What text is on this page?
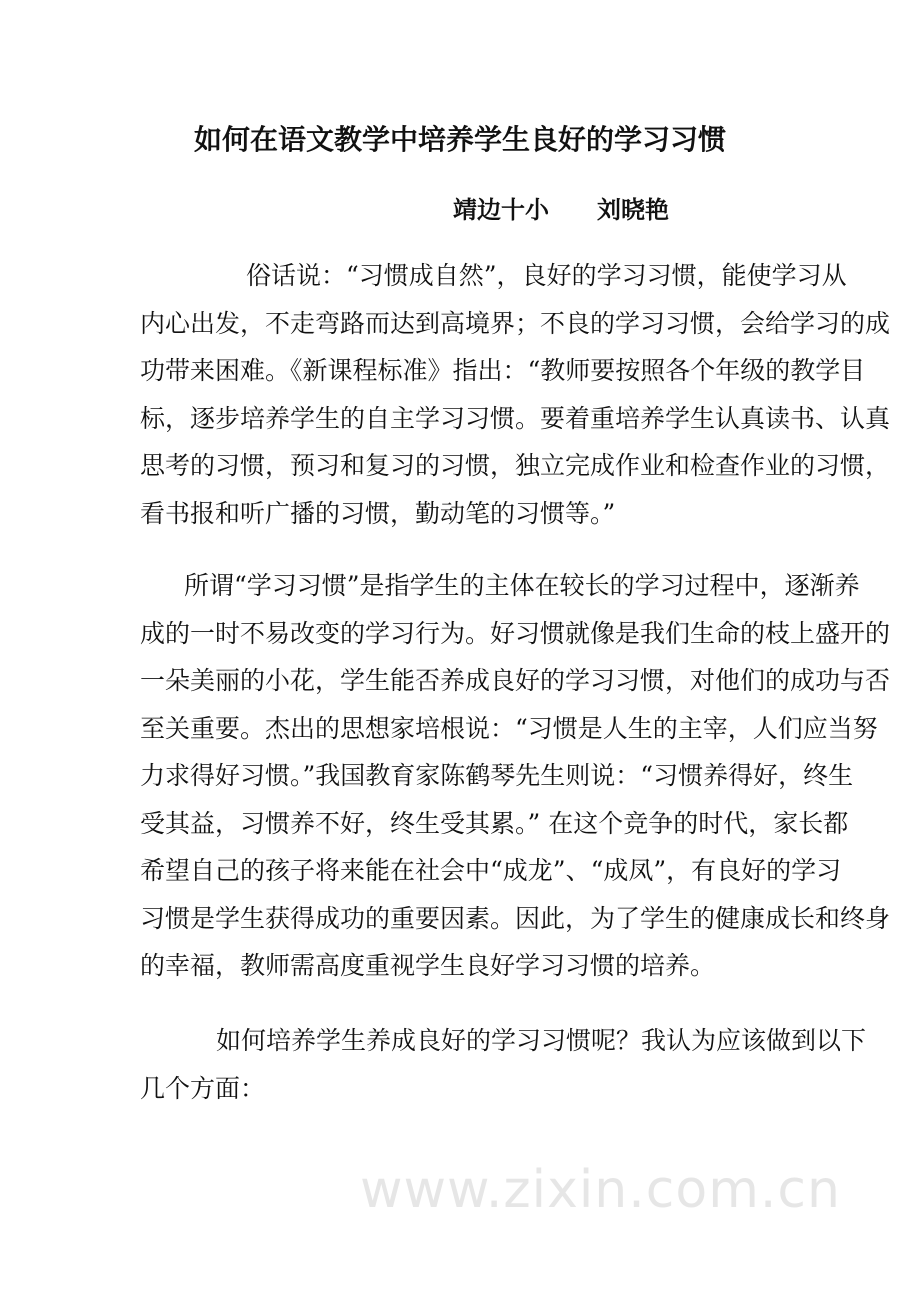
如何在语文教学中培养学生良好的学习习惯
靖边十小　　刘晓艳
俗话说：“习惯成自然”，良好的学习习惯，能使学习从
内心出发，不走弯路而达到高境界；不良的学习习惯，会给学习的成
功带来困难。《新课程标准》指出：“教师要按照各个年级的教学目
标，逐步培养学生的自主学习习惯。要着重培养学生认真读书、认真
思考的习惯，预习和复习的习惯，独立完成作业和检查作业的习惯，
看书报和听广播的习惯，勤动笔的习惯等。”
所谓“学习习惯”是指学生的主体在较长的学习过程中，逐渐养
成的一时不易改变的学习行为。好习惯就像是我们生命的枝上盛开的
一朵美丽的小花，学生能否养成良好的学习习惯，对他们的成功与否
至关重要。杰出的思想家培根说：“习惯是人生的主宰，人们应当努
力求得好习惯。”我国教育家陈鹤琴先生则说：“习惯养得好，终生
受其益，习惯养不好，终生受其累。” 在这个竞争的时代，家长都
希望自己的孩子将来能在社会中“成龙”、“成凤”，有良好的学习
习惯是学生获得成功的重要因素。因此，为了学生的健康成长和终身
的幸福，教师需高度重视学生良好学习习惯的培养。
如何培养学生养成良好的学习习惯呢？我认为应该做到以下
几个方面：
www.zixin.com.cn
